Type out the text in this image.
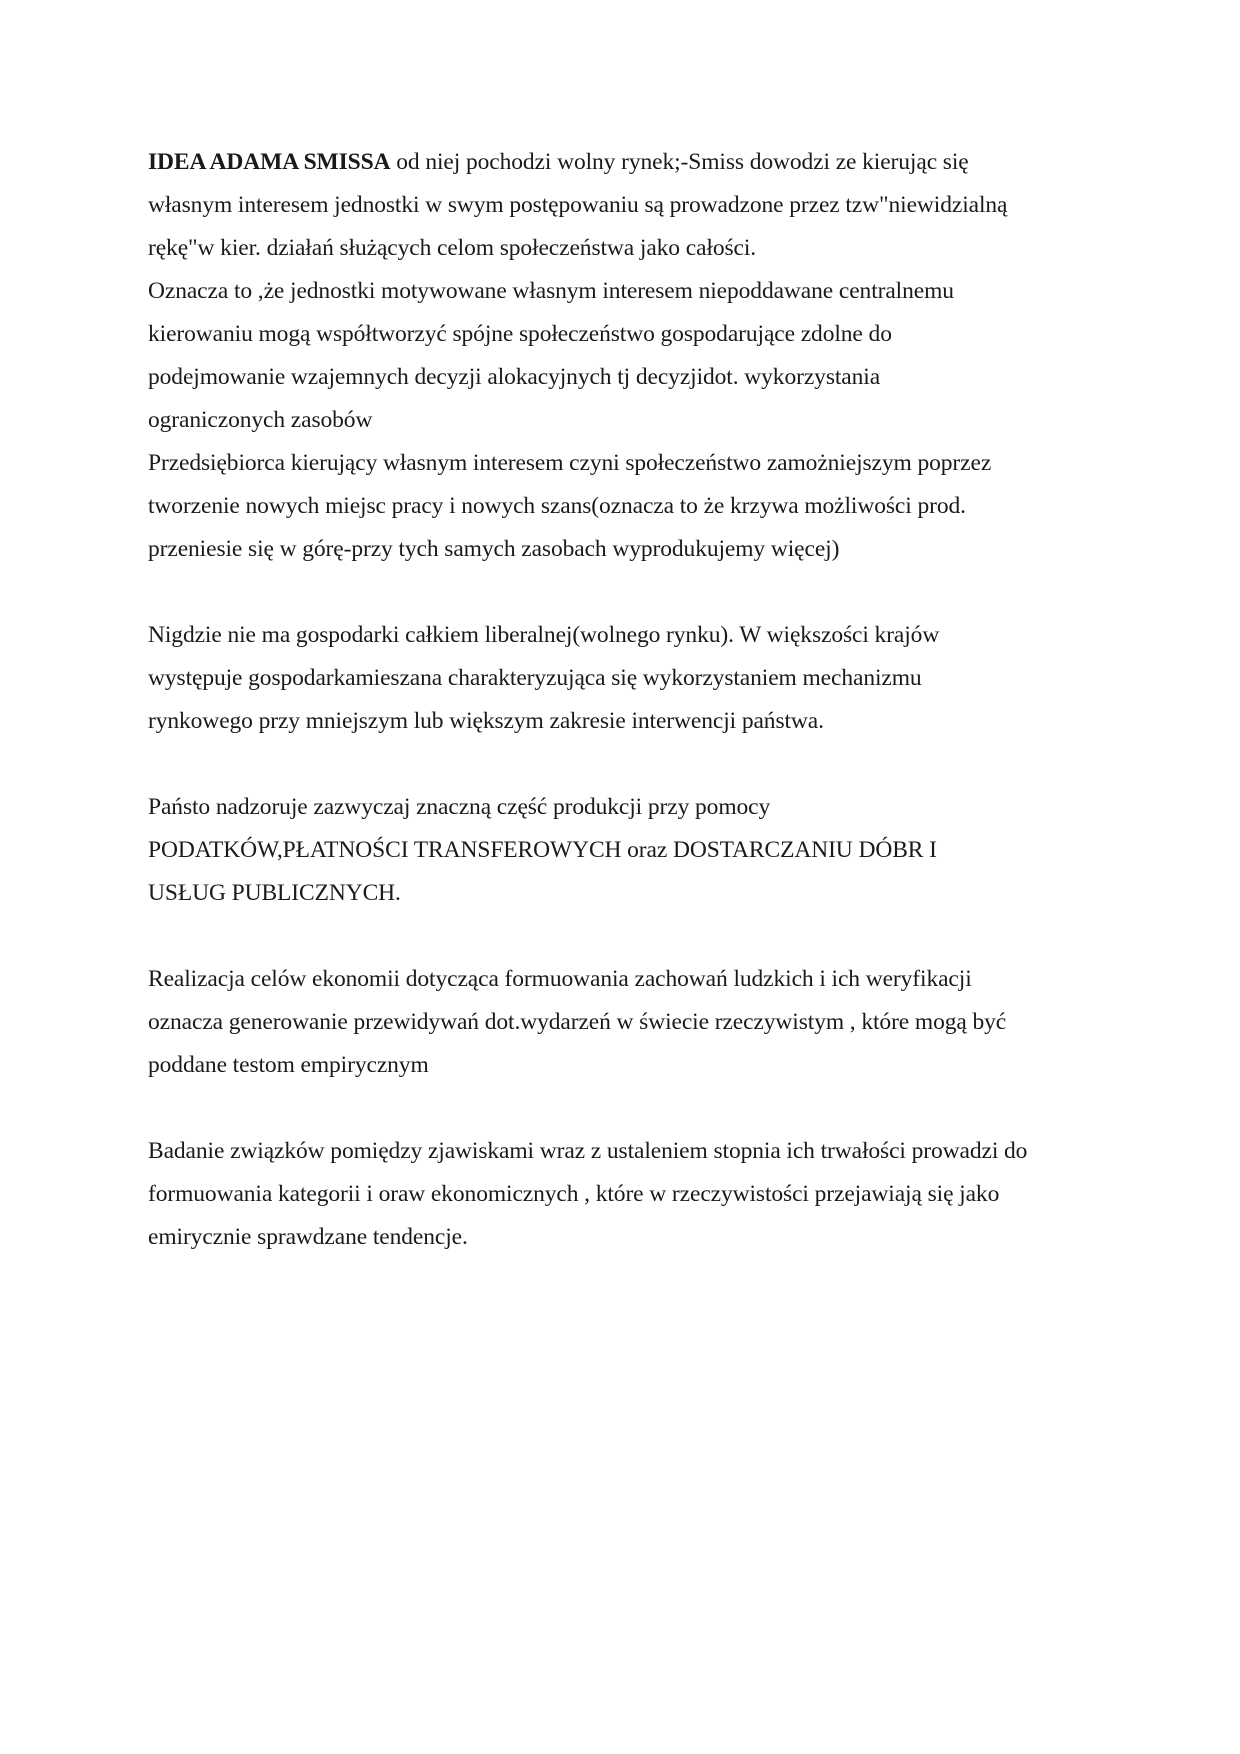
IDEA ADAMA SMISSA od niej pochodzi wolny rynek;-Smiss dowodzi ze kierując się
własnym interesem jednostki w swym postępowaniu są prowadzone przez tzw"niewidzialną
rękę"w kier. działań służących celom społeczeństwa jako całości.
Oznacza to ,że jednostki motywowane własnym interesem niepoddawane centralnemu
kierowaniu mogą współtworzyć spójne społeczeństwo gospodarujące zdolne do
podejmowanie wzajemnych decyzji alokacyjnych tj decyzjidot. wykorzystania
ograniczonych zasobów
Przedsiębiorca kierujący własnym interesem czyni społeczeństwo zamożniejszym poprzez
tworzenie nowych miejsc pracy i nowych szans(oznacza to że krzywa możliwości prod.
przeniesie się w górę-przy tych samych zasobach wyprodukujemy więcej)
Nigdzie nie ma gospodarki całkiem liberalnej(wolnego rynku). W większości krajów
występuje gospodarkamieszana charakteryzująca się wykorzystaniem mechanizmu
rynkowego przy mniejszym lub większym zakresie interwencji państwa.
Państo nadzoruje zazwyczaj znaczną część produkcji przy pomocy
PODATKÓW,PŁATNOŚCI TRANSFEROWYCH oraz DOSTARCZANIU DÓBR I
USŁUG PUBLICZNYCH.
Realizacja celów ekonomii dotycząca formuowania zachowań ludzkich i ich weryfikacji
oznacza generowanie przewidywań dot.wydarzeń w świecie rzeczywistym , które mogą być
poddane testom empirycznym
Badanie związków pomiędzy zjawiskami wraz z ustaleniem stopnia ich trwałości prowadzi do
formuowania kategorii i oraw ekonomicznych , które w rzeczywistości przejawiają się jako
emirycznie sprawdzane tendencje.
